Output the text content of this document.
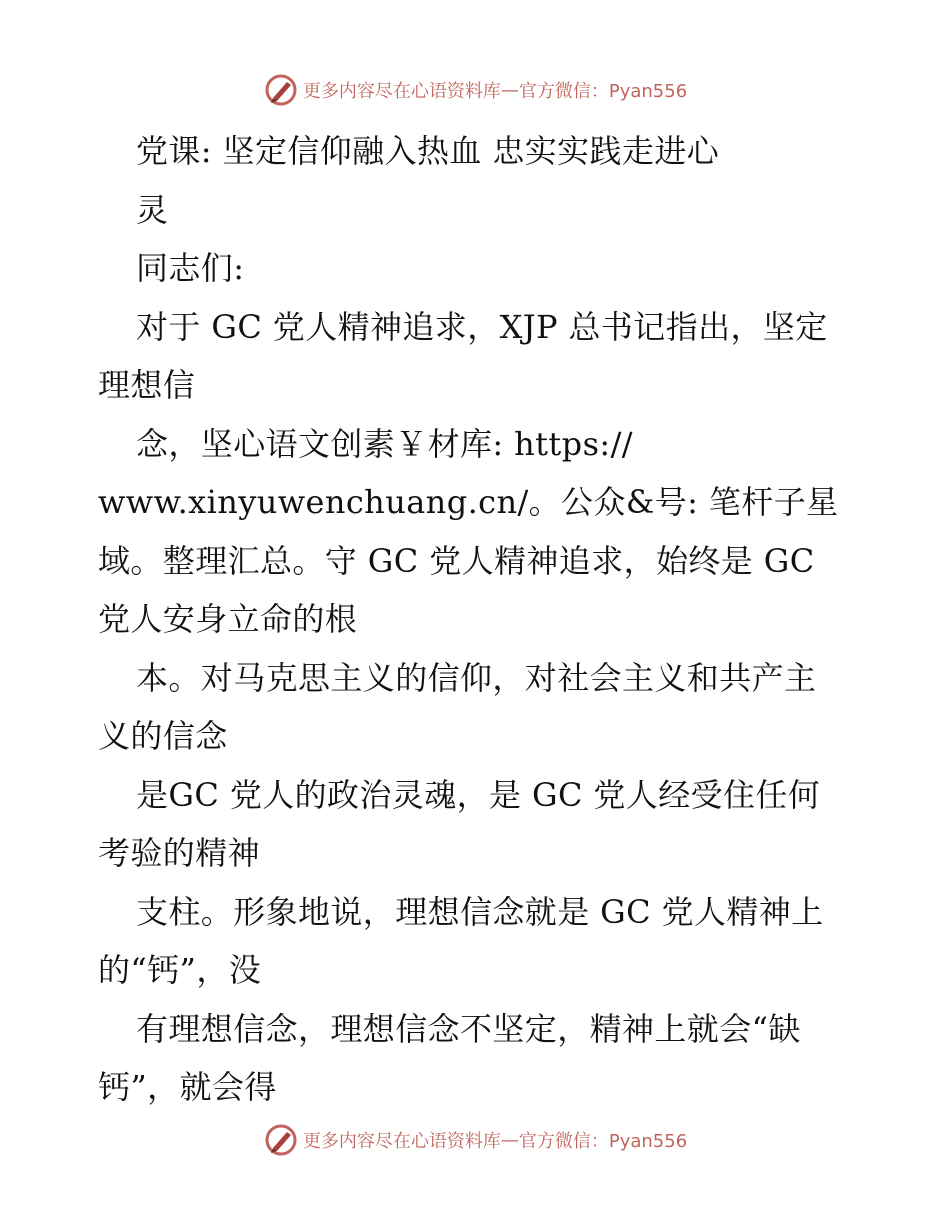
更多内容尽在心语资料库 — 官方微信：Pyan556
党课: 坚定信仰融入热血 忠实实践走进心
灵
同志们:
对于 GC 党人精神追求，XJP 总书记指出，坚定
理想信
念，坚心语文创素￥材库: https://
www.xinyuwenchuang.cn/。公众&号: 笔杆子星
域。整理汇总。守 GC 党人精神追求，始终是 GC
党人安身立命的根
本。对马克思主义的信仰，对社会主义和共产主
义的信念
是GC 党人的政治灵魂，是 GC 党人经受住任何
考验的精神
支柱。形象地说，理想信念就是 GC 党人精神上
的“钙”，没
有理想信念，理想信念不坚定，精神上就会“缺
钙”，就会得
更多内容尽在心语资料库 — 官方微信：Pyan556
